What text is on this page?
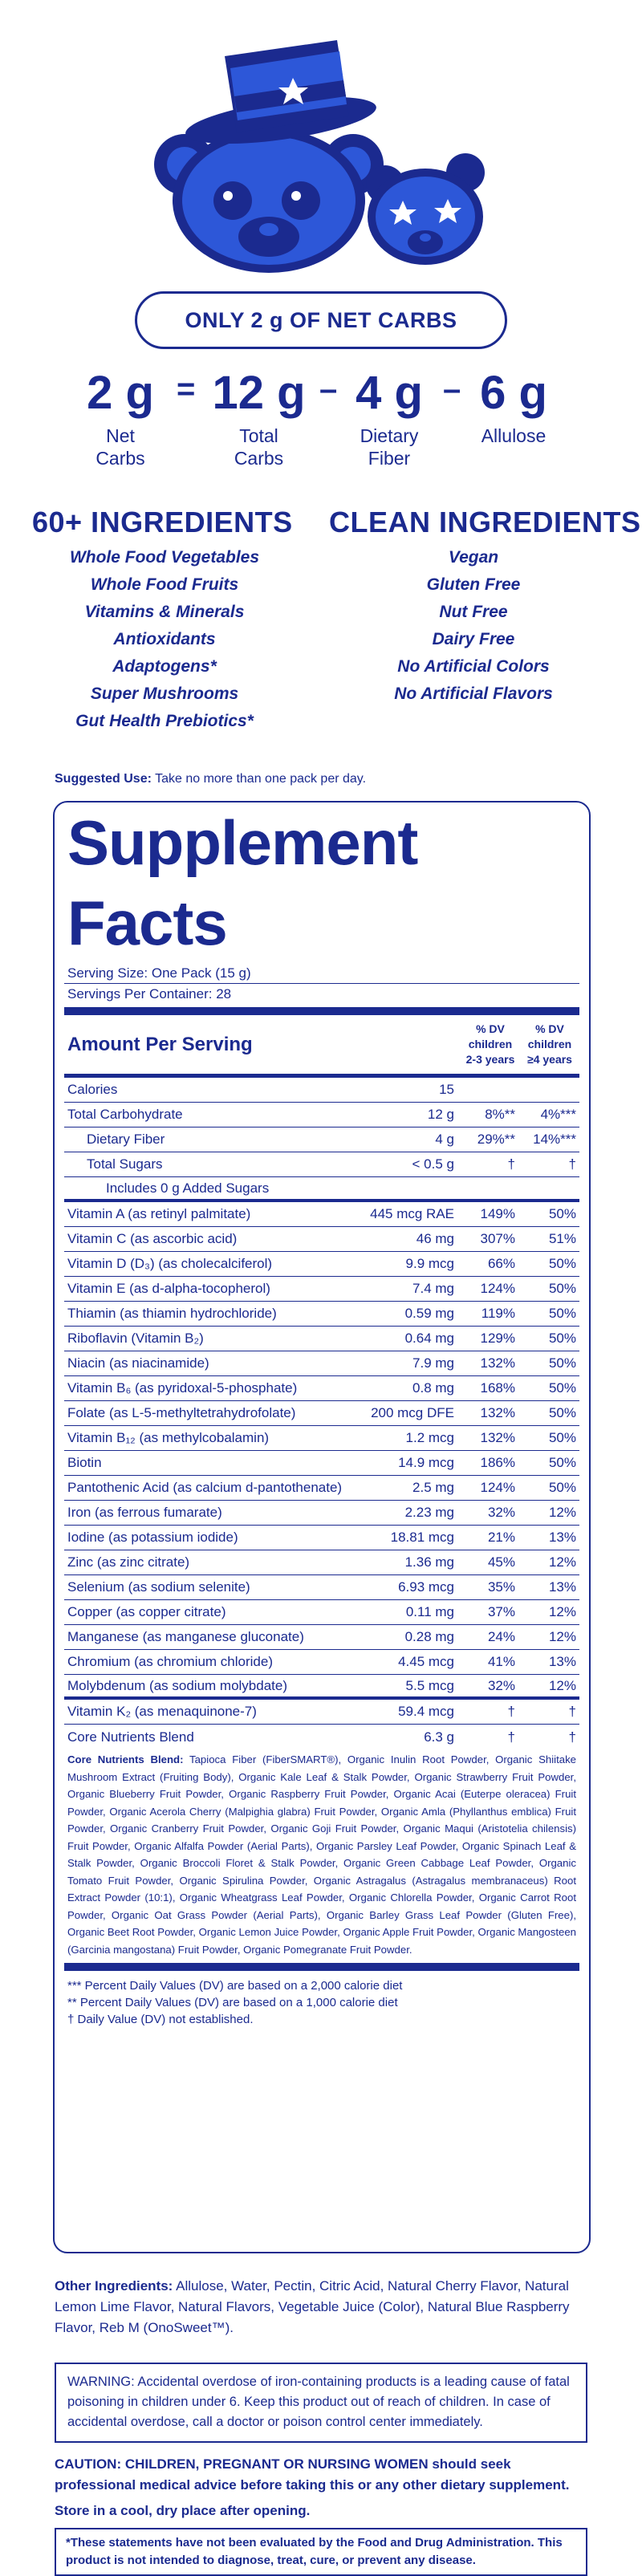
ONLY 2 g OF NET CARBS
2 g
Net
Carbs
= 12 g
Total
Carbs
– 4 g
Dietary
Fiber
– 6 g
Allulose
60+ INGREDIENTS CLEAN INGREDIENTS
Whole Food Vegetables
Whole Food Fruits
Vitamins & Minerals
Antioxidants
Adaptogens*
Super Mushrooms
Gut Health Prebiotics*
Vegan
Gluten Free
Nut Free
Dairy Free
No Artificial Colors
No Artificial Flavors
Suggested Use: Take no more than one pack per day.
Supplement Facts
Serving Size: One Pack (15 g)
Servings Per Container: 28
Amount Per Serving
% DV
children
2-3 years
% DV
children
≥4 years
Calories	15
Total Carbohydrate	12 g	8%**	4%***
Dietary Fiber	4 g	29%**	14%***
Total Sugars	< 0.5 g	†	†
Includes 0 g Added Sugars
Vitamin A (as retinyl palmitate)	445 mcg RAE	149%	50%
Vitamin C (as ascorbic acid)	46 mg	307%	51%
Vitamin D (D₃) (as cholecalciferol)	9.9 mcg	66%	50%
Vitamin E (as d-alpha-tocopherol)	7.4 mg	124%	50%
Thiamin (as thiamin hydrochloride)	0.59 mg	119%	50%
Riboflavin (Vitamin B₂)	0.64 mg	129%	50%
Niacin (as niacinamide)	7.9 mg	132%	50%
Vitamin B₆ (as pyridoxal-5-phosphate)	0.8 mg	168%	50%
Folate (as L-5-methyltetrahydrofolate)	200 mcg DFE	132%	50%
Vitamin B₁₂ (as methylcobalamin)	1.2 mcg	132%	50%
Biotin	14.9 mcg	186%	50%
Pantothenic Acid (as calcium d-pantothenate)	2.5 mg	124%	50%
Iron (as ferrous fumarate)	2.23 mg	32%	12%
Iodine (as potassium iodide)	18.81 mcg	21%	13%
Zinc (as zinc citrate)	1.36 mg	45%	12%
Selenium (as sodium selenite)	6.93 mcg	35%	13%
Copper (as copper citrate)	0.11 mg	37%	12%
Manganese (as manganese gluconate)	0.28 mg	24%	12%
Chromium (as chromium chloride)	4.45 mcg	41%	13%
Molybdenum (as sodium molybdate)	5.5 mcg	32%	12%
Vitamin K₂ (as menaquinone-7)	59.4 mcg	†	†
Core Nutrients Blend	6.3 g	†	†
Core Nutrients Blend: Tapioca Fiber (FiberSMART®), Organic Inulin Root Powder, Organic Shiitake Mushroom Extract (Fruiting Body), Organic Kale Leaf & Stalk Powder, Organic Strawberry Fruit Powder, Organic Blueberry Fruit Powder, Organic Raspberry Fruit Powder, Organic Acai (Euterpe oleracea) Fruit Powder, Organic Acerola Cherry (Malpighia glabra) Fruit Powder, Organic Amla (Phyllanthus emblica) Fruit Powder, Organic Cranberry Fruit Powder, Organic Goji Fruit Powder, Organic Maqui (Aristotelia chilensis) Fruit Powder, Organic Alfalfa Powder (Aerial Parts), Organic Parsley Leaf Powder, Organic Spinach Leaf & Stalk Powder, Organic Broccoli Floret & Stalk Powder, Organic Green Cabbage Leaf Powder, Organic Tomato Fruit Powder, Organic Spirulina Powder, Organic Astragalus (Astragalus membranaceus) Root Extract Powder (10:1), Organic Wheatgrass Leaf Powder, Organic Chlorella Powder, Organic Carrot Root Powder, Organic Oat Grass Powder (Aerial Parts), Organic Barley Grass Leaf Powder (Gluten Free), Organic Beet Root Powder, Organic Lemon Juice Powder, Organic Apple Fruit Powder, Organic Mangosteen (Garcinia mangostana) Fruit Powder, Organic Pomegranate Fruit Powder.
*** Percent Daily Values (DV) are based on a 2,000 calorie diet
** Percent Daily Values (DV) are based on a 1,000 calorie diet
† Daily Value (DV) not established.
Other Ingredients: Allulose, Water, Pectin, Citric Acid, Natural Cherry Flavor, Natural Lemon Lime Flavor, Natural Flavors, Vegetable Juice (Color), Natural Blue Raspberry Flavor, Reb M (OnoSweet™).
WARNING: Accidental overdose of iron-containing products is a leading cause of fatal poisoning in children under 6. Keep this product out of reach of children. In case of accidental overdose, call a doctor or poison control center immediately.
CAUTION: CHILDREN, PREGNANT OR NURSING WOMEN should seek professional medical advice before taking this or any other dietary supplement.
Store in a cool, dry place after opening.
*These statements have not been evaluated by the Food and Drug Administration. This product is not intended to diagnose, treat, cure, or prevent any disease.
